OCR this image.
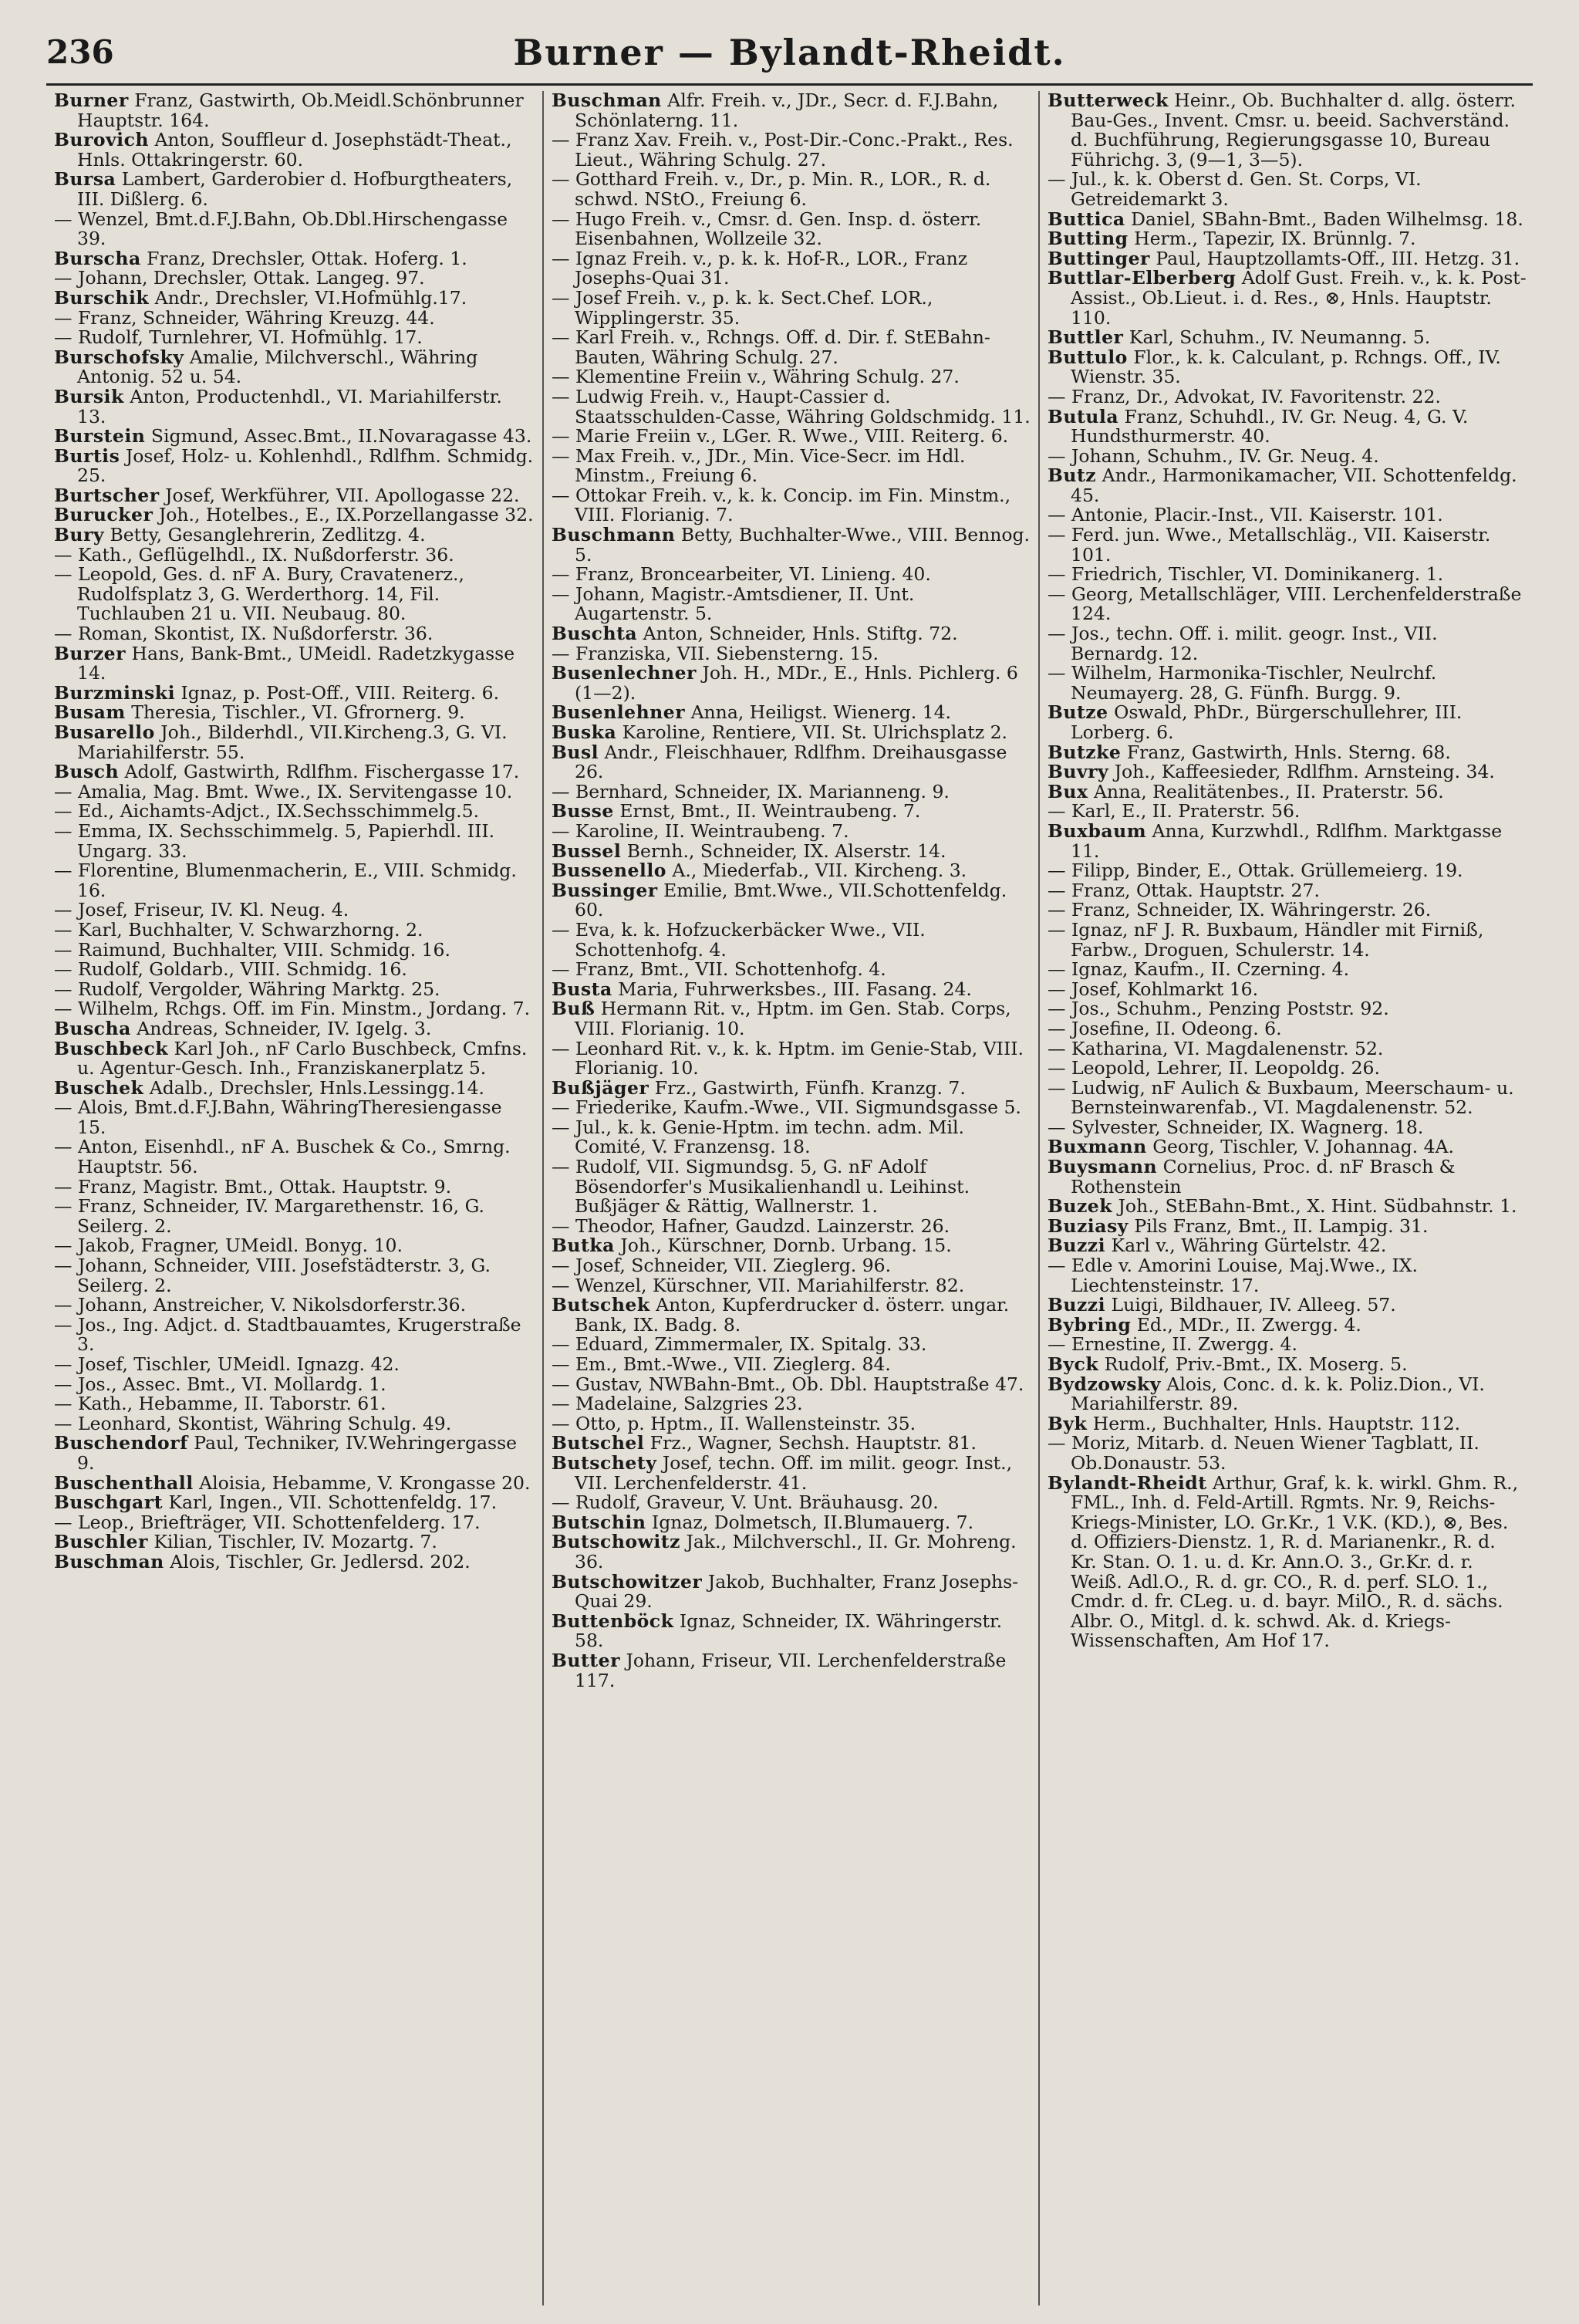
236	Burner — Bylandt-Rheidt.

Burner Franz, Gastwirth, Ob.Meidl.Schönbrunner Hauptstr. 164.

Burovich Anton, Souffleur d. Josephstädt-Theat., Hnls. Ottakringerstr. 60.

Bursa Lambert, Garderobier d. Hofburgtheaters, III. Dißlerg. 6.

— Wenzel, Bmt.d.F.J.Bahn, Ob.Dbl.Hirschengasse 39.

Burscha Franz, Drechsler, Ottak. Hoferg. 1.

— Johann, Drechsler, Ottak. Langeg. 97.

Burschik Andr., Drechsler, VI.Hofmühlg.17.

— Franz, Schneider, Währing Kreuzg. 44.

— Rudolf, Turnlehrer, VI. Hofmühlg. 17.

Burschofsky Amalie, Milchverschl., Währing Antonig. 52 u. 54.

Bursik Anton, Productenhdl., VI. Mariahilferstr. 13.

Burstein Sigmund, Assec.Bmt., II.Novaragasse 43.

Burtis Josef, Holz- u. Kohlenhdl., Rdlfhm. Schmidg. 25.

Burtscher Josef, Werkführer, VII. Apollogasse 22.

Burucker Joh., Hotelbes., E., IX.Porzellangasse 32.

Bury Betty, Gesanglehrerin, Zedlitzg. 4.

— Kath., Geflügelhdl., IX. Nußdorferstr. 36.

— Leopold, Ges. d. nF A. Bury, Cravatenerz., Rudolfsplatz 3, G. Werderthorg. 14, Fil. Tuchlauben 21 u. VII. Neubaug. 80.

— Roman, Skontist, IX. Nußdorferstr. 36.

Burzer Hans, Bank-Bmt., UMeidl. Radetzkygasse 14.

Burzminski Ignaz, p. Post-Off., VIII. Reiterg. 6.

Busam Theresia, Tischler., VI. Gfrornerg. 9.

Busarello Joh., Bilderhdl., VII.Kircheng.3, G. VI. Mariahilferstr. 55.

Busch Adolf, Gastwirth, Rdlfhm. Fischergasse 17.

— Amalia, Mag. Bmt. Wwe., IX. Servitengasse 10.

— Ed., Aichamts-Adjct., IX.Sechsschimmelg.5.

— Emma, IX. Sechsschimmelg. 5, Papierhdl. III. Ungarg. 33.

— Florentine, Blumenmacherin, E., VIII. Schmidg. 16.

— Josef, Friseur, IV. Kl. Neug. 4.

— Karl, Buchhalter, V. Schwarzhorng. 2.

— Raimund, Buchhalter, VIII. Schmidg. 16.

— Rudolf, Goldarb., VIII. Schmidg. 16.

— Rudolf, Vergolder, Währing Marktg. 25.

— Wilhelm, Rchgs. Off. im Fin. Minstm., Jordang. 7.

Buscha Andreas, Schneider, IV. Igelg. 3.

Buschbeck Karl Joh., nF Carlo Buschbeck, Cmfns. u. Agentur-Gesch. Inh., Franziskanerplatz 5.

Buschek Adalb., Drechsler, Hnls.Lessingg.14.

— Alois, Bmt.d.F.J.Bahn, WähringTheresiengasse 15.

— Anton, Eisenhdl., nF A. Buschek & Co., Smrng. Hauptstr. 56.

— Franz, Magistr. Bmt., Ottak. Hauptstr. 9.

— Franz, Schneider, IV. Margarethenstr. 16, G. Seilerg. 2.

— Jakob, Fragner, UMeidl. Bonyg. 10.

— Johann, Schneider, VIII. Josefstädterstr. 3, G. Seilerg. 2.

— Johann, Anstreicher, V. Nikolsdorferstr.36.

— Jos., Ing. Adjct. d. Stadtbauamtes, Krugerstraße 3.

— Josef, Tischler, UMeidl. Ignazg. 42.

— Jos., Assec. Bmt., VI. Mollardg. 1.

— Kath., Hebamme, II. Taborstr. 61.

— Leonhard, Skontist, Währing Schulg. 49.

Buschendorf Paul, Techniker, IV.Wehringergasse 9.

Buschenthall Aloisia, Hebamme, V. Krongasse 20.

Buschgart Karl, Ingen., VII. Schottenfeldg. 17.

— Leop., Briefträger, VII. Schottenfelderg. 17.

Buschler Kilian, Tischler, IV. Mozartg. 7.

Buschman Alois, Tischler, Gr. Jedlersd. 202.

Buschman Alfr. Freih. v., JDr., Secr. d. F.J.Bahn, Schönlaterng. 11.

— Franz Xav. Freih. v., Post-Dir.-Conc.-Prakt., Res. Lieut., Währing Schulg. 27.

— Gotthard Freih. v., Dr., p. Min. R., LOR., R. d. schwd. NStO., Freiung 6.

— Hugo Freih. v., Cmsr. d. Gen. Insp. d. österr. Eisenbahnen, Wollzeile 32.

— Ignaz Freih. v., p. k. k. Hof-R., LOR., Franz Josephs-Quai 31.

— Josef Freih. v., p. k. k. Sect.Chef. LOR., Wipplingerstr. 35.

— Karl Freih. v., Rchngs. Off. d. Dir. f. StEBahn-Bauten, Währing Schulg. 27.

— Klementine Freiin v., Währing Schulg. 27.

— Ludwig Freih. v., Haupt-Cassier d. Staatsschulden-Casse, Währing Goldschmidg. 11.

— Marie Freiin v., LGer. R. Wwe., VIII. Reiterg. 6.

— Max Freih. v., JDr., Min. Vice-Secr. im Hdl. Minstm., Freiung 6.

— Ottokar Freih. v., k. k. Concip. im Fin. Minstm., VIII. Florianig. 7.

Buschmann Betty, Buchhalter-Wwe., VIII. Bennog. 5.

— Franz, Broncearbeiter, VI. Linieng. 40.

— Johann, Magistr.-Amtsdiener, II. Unt. Augartenstr. 5.

Buschta Anton, Schneider, Hnls. Stiftg. 72.

— Franziska, VII. Siebensterng. 15.

Busenlechner Joh. H., MDr., E., Hnls. Pichlerg. 6 (1—2).

Busenlehner Anna, Heiligst. Wienerg. 14.

Buska Karoline, Rentiere, VII. St. Ulrichsplatz 2.

Busl Andr., Fleischhauer, Rdlfhm. Dreihausgasse 26.

— Bernhard, Schneider, IX. Marianneng. 9.

Busse Ernst, Bmt., II. Weintraubeng. 7.

— Karoline, II. Weintraubeng. 7.

Bussel Bernh., Schneider, IX. Alserstr. 14.

Bussenello A., Miederfab., VII. Kircheng. 3.

Bussinger Emilie, Bmt.Wwe., VII.Schottenfeldg. 60.

— Eva, k. k. Hofzuckerbäcker Wwe., VII. Schottenhofg. 4.

— Franz, Bmt., VII. Schottenhofg. 4.

Busta Maria, Fuhrwerksbes., III. Fasang. 24.

Buß Hermann Rit. v., Hptm. im Gen. Stab. Corps, VIII. Florianig. 10.

— Leonhard Rit. v., k. k. Hptm. im Genie-Stab, VIII. Florianig. 10.

Bußjäger Frz., Gastwirth, Fünfh. Kranzg. 7.

— Friederike, Kaufm.-Wwe., VII. Sigmundsgasse 5.

— Jul., k. k. Genie-Hptm. im techn. adm. Mil. Comité, V. Franzensg. 18.

— Rudolf, VII. Sigmundsg. 5, G. nF Adolf Bösendorfer's Musikalienhandl u. Leihinst. Bußjäger & Rättig, Wallnerstr. 1.

— Theodor, Hafner, Gaudzd. Lainzerstr. 26.

Butka Joh., Kürschner, Dornb. Urbang. 15.

— Josef, Schneider, VII. Zieglerg. 96.

— Wenzel, Kürschner, VII. Mariahilferstr. 82.

Butschek Anton, Kupferdrucker d. österr. ungar. Bank, IX. Badg. 8.

— Eduard, Zimmermaler, IX. Spitalg. 33.

— Em., Bmt.-Wwe., VII. Zieglerg. 84.

— Gustav, NWBahn-Bmt., Ob. Dbl. Hauptstraße 47.

— Madelaine, Salzgries 23.

— Otto, p. Hptm., II. Wallensteinstr. 35.

Butschel Frz., Wagner, Sechsh. Hauptstr. 81.

Butschety Josef, techn. Off. im milit. geogr. Inst., VII. Lerchenfelderstr. 41.

— Rudolf, Graveur, V. Unt. Bräuhausg. 20.

Butschin Ignaz, Dolmetsch, II.Blumauerg. 7.

Butschowitz Jak., Milchverschl., II. Gr. Mohreng. 36.

Butschowitzer Jakob, Buchhalter, Franz Josephs-Quai 29.

Buttenböck Ignaz, Schneider, IX. Währingerstr. 58.

Butter Johann, Friseur, VII. Lerchenfelderstraße 117.

Butterweck Heinr., Ob. Buchhalter d. allg. österr. Bau-Ges., Invent. Cmsr. u. beeid. Sachverständ. d. Buchführung, Regierungsgasse 10, Bureau Führichg. 3, (9—1, 3—5).

— Jul., k. k. Oberst d. Gen. St. Corps, VI. Getreidemarkt 3.

Buttica Daniel, SBahn-Bmt., Baden Wilhelmsg. 18.

Butting Herm., Tapezir, IX. Brünnlg. 7.

Buttinger Paul, Hauptzollamts-Off., III. Hetzg. 31.

Buttlar-Elberberg Adolf Gust. Freih. v., k. k. Post-Assist., Ob.Lieut. i. d. Res., ⊗, Hnls. Hauptstr. 110.

Buttler Karl, Schuhm., IV. Neumanng. 5.

Buttulo Flor., k. k. Calculant, p. Rchngs. Off., IV. Wienstr. 35.

— Franz, Dr., Advokat, IV. Favoritenstr. 22.

Butula Franz, Schuhdl., IV. Gr. Neug. 4, G. V. Hundsthurmerstr. 40.

— Johann, Schuhm., IV. Gr. Neug. 4.

Butz Andr., Harmonikamacher, VII. Schottenfeldg. 45.

— Antonie, Placir.-Inst., VII. Kaiserstr. 101.

— Ferd. jun. Wwe., Metallschläg., VII. Kaiserstr. 101.

— Friedrich, Tischler, VI. Dominikanerg. 1.

— Georg, Metallschläger, VIII. Lerchenfelderstraße 124.

— Jos., techn. Off. i. milit. geogr. Inst., VII. Bernardg. 12.

— Wilhelm, Harmonika-Tischler, Neulrchf. Neumayerg. 28, G. Fünfh. Burgg. 9.

Butze Oswald, PhDr., Bürgerschullehrer, III. Lorberg. 6.

Butzke Franz, Gastwirth, Hnls. Sterng. 68.

Buvry Joh., Kaffeesieder, Rdlfhm. Arnsteing. 34.

Bux Anna, Realitätenbes., II. Praterstr. 56.

— Karl, E., II. Praterstr. 56.

Buxbaum Anna, Kurzwhdl., Rdlfhm. Marktgasse 11.

— Filipp, Binder, E., Ottak. Grüllemeierg. 19.

— Franz, Ottak. Hauptstr. 27.

— Franz, Schneider, IX. Währingerstr. 26.

— Ignaz, nF J. R. Buxbaum, Händler mit Firniß, Farbw., Droguen, Schulerstr. 14.

— Ignaz, Kaufm., II. Czerning. 4.

— Josef, Kohlmarkt 16.

— Jos., Schuhm., Penzing Poststr. 92.

— Josefine, II. Odeong. 6.

— Katharina, VI. Magdalenenstr. 52.

— Leopold, Lehrer, II. Leopoldg. 26.

— Ludwig, nF Aulich & Buxbaum, Meerschaum- u. Bernsteinwarenfab., VI. Magdalenenstr. 52.

— Sylvester, Schneider, IX. Wagnerg. 18.

Buxmann Georg, Tischler, V. Johannag. 4A.

Buysmann Cornelius, Proc. d. nF Brasch & Rothenstein

Buzek Joh., StEBahn-Bmt., X. Hint. Südbahnstr. 1.

Buziasy Pils Franz, Bmt., II. Lampig. 31.

Buzzi Karl v., Währing Gürtelstr. 42.

— Edle v. Amorini Louise, Maj.Wwe., IX. Liechtensteinstr. 17.

Buzzi Luigi, Bildhauer, IV. Alleeg. 57.

Bybring Ed., MDr., II. Zwergg. 4.

— Ernestine, II. Zwergg. 4.

Byck Rudolf, Priv.-Bmt., IX. Moserg. 5.

Bydzowsky Alois, Conc. d. k. k. Poliz.Dion., VI. Mariahilferstr. 89.

Byk Herm., Buchhalter, Hnls. Hauptstr. 112.

— Moriz, Mitarb. d. Neuen Wiener Tagblatt, II. Ob.Donaustr. 53.

Bylandt-Rheidt Arthur, Graf, k. k. wirkl. Ghm. R., FML., Inh. d. Feld-Artill. Rgmts. Nr. 9, Reichs-Kriegs-Minister, LO. Gr.Kr., 1 V.K. (KD.), ⊗, Bes. d. Offiziers-Dienstz. 1, R. d. Marianenkr., R. d. Kr. Stan. O. 1. u. d. Kr. Ann.O. 3., Gr.Kr. d. r. Weiß. Adl.O., R. d. gr. CO., R. d. perf. SLO. 1., Cmdr. d. fr. CLeg. u. d. bayr. MilO., R. d. sächs. Albr. O., Mitgl. d. k. schwd. Ak. d. Kriegs-Wissenschaften, Am Hof 17.
